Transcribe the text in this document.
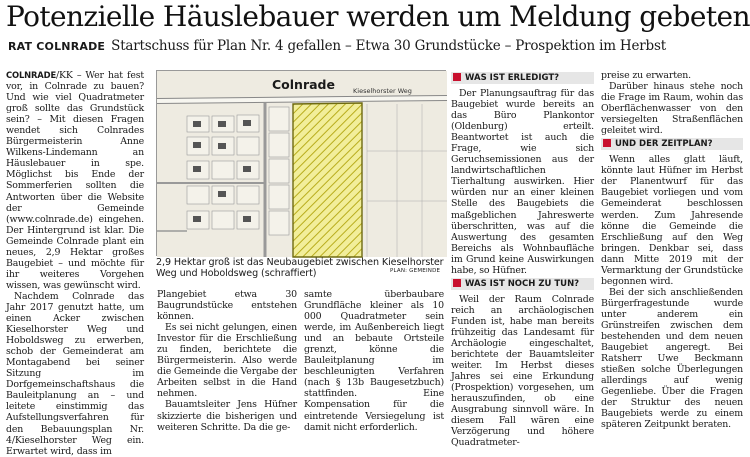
Potenzielle Häuslebauer werden um Meldung gebeten
RAT COLNRADE Startschuss für Plan Nr. 4 gefallen – Etwa 30 Grundstücke – Prospektion im Herbst

COLNRADE/KK – Wer hat fest vor, in Colnrade zu bauen? Und wie viel Quadratmeter groß sollte das Grundstück sein? – Mit diesen Fragen wendet sich Colnrades Bürgermeisterin Anne Wilkens-Lindemann an Häuslebauer in spe. Möglichst bis Ende der Sommerferien sollten die Antworten über die Website der Gemeinde (www.colnrade.de) eingehen. Der Hintergrund ist klar. Die Gemeinde Colnrade plant ein neues, 2,9 Hektar großes Baugebiet – und möchte für ihr weiteres Vorgehen wissen, was gewünscht wird.

Nachdem Colnrade das Jahr 2017 genutzt hatte, um einen Acker zwischen Kieselhorster Weg und Hoboldsweg zu erwerben, schob der Gemeinderat am Montagabend bei seiner Sitzung im Dorfgemeinschaftshaus die Bauleitplanung an – und leitete einstimmig das Aufstellungsverfahren für den Bebauungsplan Nr. 4/Kieselhorster Weg ein. Erwartet wird, dass im

Colnrade	Kieselhorster Weg
2,9 Hektar groß ist das Neubaugebiet zwischen Kieselhorster Weg und Hoboldsweg (schraffiert)	PLAN: GEMEINDE

Plangebiet etwa 30 Baugrundstücke entstehen können.

Es sei nicht gelungen, einen Investor für die Erschließung zu finden, berichtete die Bürgermeisterin. Also werde die Gemeinde die Vergabe der Arbeiten selbst in die Hand nehmen.

Bauamtsleiter Jens Hüfner skizzierte die bisherigen und weiteren Schritte. Da die ge-

samte überbaubare Grundfläche kleiner als 10 000 Quadratmeter sein werde, im Außenbereich liegt und an bebaute Ortsteile grenzt, könne die Bauleitplanung im beschleunigten Verfahren (nach § 13b Baugesetzbuch) stattfinden. Eine Kompensation für die eintretende Versiegelung ist damit nicht erforderlich.

WAS IST ERLEDIGT?

Der Planungsauftrag für das Baugebiet wurde bereits an das Büro Plankontor (Oldenburg) erteilt. Beantwortet ist auch die Frage, wie sich Geruchsemissionen aus der landwirtschaftlichen Tierhaltung auswirken. Hier würden nur an einer kleinen Stelle des Baugebiets die maßgeblichen Jahreswerte überschritten, was auf die Auswertung des gesamten Bereichs als Wohnbaufläche im Grund keine Auswirkungen habe, so Hüfner.

WAS IST NOCH ZU TUN?

Weil der Raum Colnrade reich an archäologischen Funden ist, habe man bereits frühzeitig das Landesamt für Archäologie eingeschaltet, berichtete der Bauamtsleiter weiter. Im Herbst dieses Jahres sei eine Erkundung (Prospektion) vorgesehen, um herauszufinden, ob eine Ausgrabung sinnvoll wäre. In diesem Fall wären eine Verzögerung und höhere Quadratmeter-

preise zu erwarten.

Darüber hinaus stehe noch die Frage im Raum, wohin das Oberflächenwasser von den versiegelten Straßenflächen geleitet wird.

UND DER ZEITPLAN?

Wenn alles glatt läuft, könnte laut Hüfner im Herbst der Planentwurf für das Baugebiet vorliegen und vom Gemeinderat beschlossen werden. Zum Jahresende könne die Gemeinde die Erschließung auf den Weg bringen. Denkbar sei, dass dann Mitte 2019 mit der Vermarktung der Grundstücke begonnen wird.

Bei der sich anschließenden Bürgerfragestunde wurde unter anderem ein Grünstreifen zwischen dem bestehenden und dem neuen Baugebiet angeregt. Bei Ratsherr Uwe Beckmann stießen solche Überlegungen allerdings auf wenig Gegenliebe. Über die Fragen der Struktur des neuen Baugebiets werde zu einem späteren Zeitpunkt beraten.
